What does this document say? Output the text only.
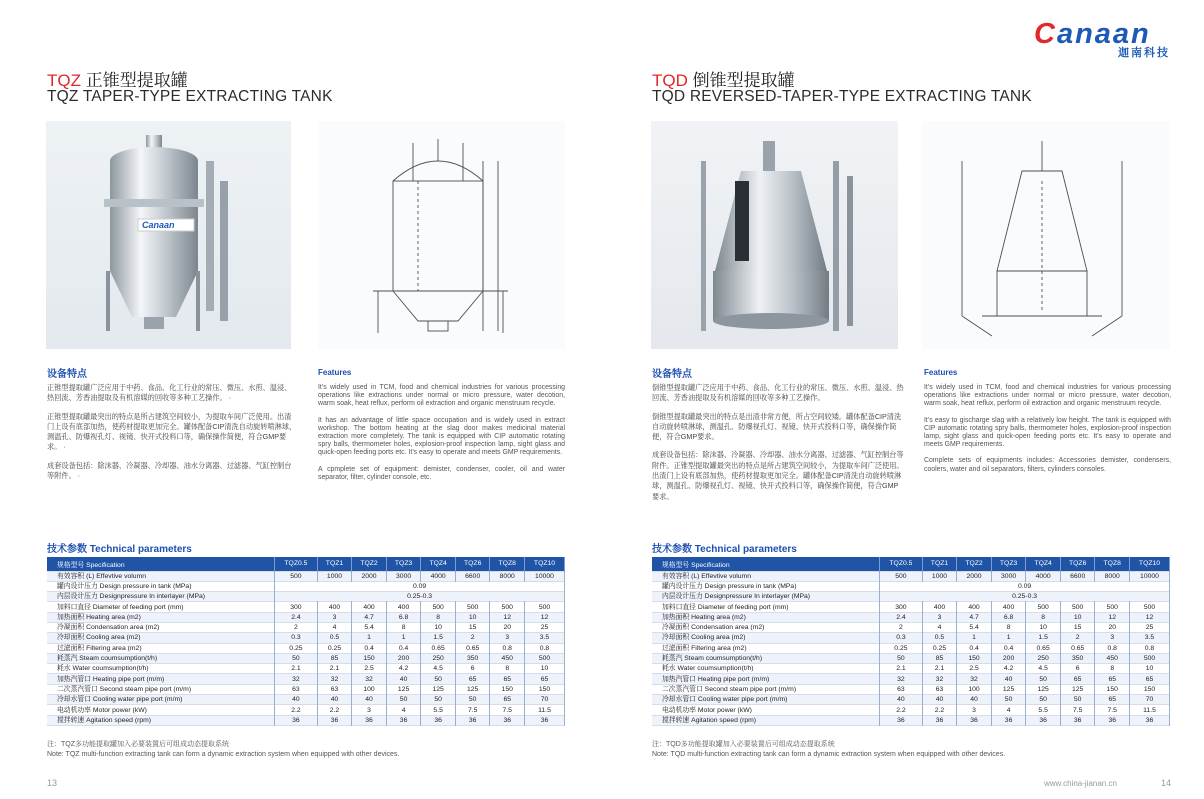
Canaan
迦南科技
TQZ 正锥型提取罐
TQZ TAPER-TYPE EXTRACTING TANK
Canaan
设备特点

正锥型提取罐广泛应用于中药、食品、化工行业的常压、微压、水煎、温浸、热回流、芳香油提取及有机溶媒的回收等多种工艺操作。 ·

正锥型提取罐最突出的特点是所占建筑空间较小，为提取车间广泛使用。出渣门上设有底部加热，使药材提取更加完全。罐体配备CIP清洗自动旋转喷淋球，测温孔、防爆视孔灯、视镜、快开式投料口等，确保操作简便，符合GMP要求。 ·

成套设备包括：除沫器、冷凝器、冷却器、油水分离器、过滤器、气缸控制台等附件。 ·

Features

It’s widely used in TCM, food and chemical industries for various processing operations like extractions under normal or micro pressure, water decotion, warm soak, heat reflux, perform oil extraction and organic menstruum recycle.

It has an advantage of little space occupation and is widely used in extract workshop. The bottom heating at the slag door makes medicinal material extraction more completely. The tank is equipped with CIP automatic rotating spry balls, thermometer holes, explosion-proof inspection lamp, sight glass and quick-open feeding ports etc. It’s easy to operate and meets GMP requirements.

A cpmplete set of equipment: demister, condenser, cooler, oil and water separator, filter, cylinder console, etc.

技术参数 Technical parameters
规格型号 Specification	TQZ0.5	TQZ1	TQZ2	TQZ3	TQZ4	TQZ6	TQZ8	TQZ10
有效容积 (L) Effevtive volumn	500	1000	2000	3000	4000	6600	8000	10000
罐内设计压力 Design pressure in tank (MPa)	0.09							
内层设计压力 Designpressure In interlayer (MPa)	0.25-0.3							
加料口直径 Diameter of feeding port (mm)	300	400	400	400	500	500	500	500
加热面积 Heating area (m2)	2.4	3	4.7	6.8	8	10	12	12
冷凝面积 Condensation area (m2)	2	4	5.4	8	10	15	20	25
冷却面积 Cooling area (m2)	0.3	0.5	1	1	1.5	2	3	3.5
过滤面积 Filtering area (m2)	0.25	0.25	0.4	0.4	0.65	0.65	0.8	0.8
耗蒸汽 Steam coumsumption(t/h)	50	85	150	200	250	350	450	500
耗水 Water coumsumption(t/h)	2.1	2.1	2.5	4.2	4.5	6	8	10
加热汽管口 Heating pipe port (m/m)	32	32	32	40	50	65	65	65
二次蒸汽管口 Second steam pipe port (m/m)	63	63	100	125	125	125	150	150
冷却水管口 Cooling water pipe port (m/m)	40	40	40	50	50	50	65	70
电动机功率 Motor power (kW)	2.2	2.2	3	4	5.5	7.5	7.5	11.5
搅拌转速 Agitation speed (rpm)	36	36	36	36	36	36	36	36
注：TQZ多功能提取罐加入必要装置后可组成动态提取系统
Note: TQZ multi-function extracting tank can form a dynamic extraction system when equipped with other devices.
13
TQD 倒锥型提取罐
TQD REVERSED-TAPER-TYPE EXTRACTING TANK
设备特点

倒锥型提取罐广泛应用于中药、食品、化工行业的常压、微压、水煎、温浸、热回流、芳香油提取及有机溶媒的回收等多种工艺操作。

倒锥型提取罐最突出的特点是出渣非常方便，所占空间较矮。罐体配备CIP清洗自动旋转喷淋球，测温孔、防爆视孔灯、视镜、快开式投料口等，确保操作简便，符合GMP要求。

成套设备包括：除沫器、冷凝器、冷却器、油水分离器、过滤器、气缸控制台等附件。正锥型提取罐最突出的特点是所占建筑空间较小，为提取车间广泛使用。出渣门上设有底部加热，使药材提取更加完全。罐体配备CIP清洗自动旋转喷淋球，测温孔、防爆视孔灯、视镜、快开式投料口等，确保操作简便，符合GMP要求。

Features

It’s widely used in TCM, food and chemical industries for various processing operations like extractions under normal or micro pressure, water decotion, warm soak, heat reflux, perform oil extraction and organic menstruum recycle.

It’s easy to gischarge slag with a relatively low height. The tank is equipped with CIP automatic rotating spry balls, thermometer holes, explosion-proof inspection lamp, sight glass and quick-open feeding ports etc. It’s easy to operate and meets GMP requirements.

Complete sets of equipments includes: Accessories demister, condensers, coolers, water and oil separators, filters, cylinders consoles.

技术参数 Technical parameters
规格型号 Specification	TQZ0.5	TQZ1	TQZ2	TQZ3	TQZ4	TQZ6	TQZ8	TQZ10
有效容积 (L) Effevtive volumn	500	1000	2000	3000	4000	6600	8000	10000
罐内设计压力 Design pressure in tank (MPa)	0.09							
内层设计压力 Designpressure In interlayer (MPa)	0.25-0.3							
加料口直径 Diameter of feeding port (mm)	300	400	400	400	500	500	500	500
加热面积 Heating area (m2)	2.4	3	4.7	6.8	8	10	12	12
冷凝面积 Condensation area (m2)	2	4	5.4	8	10	15	20	25
冷却面积 Cooling area (m2)	0.3	0.5	1	1	1.5	2	3	3.5
过滤面积 Filtering area (m2)	0.25	0.25	0.4	0.4	0.65	0.65	0.8	0.8
耗蒸汽 Steam coumsumption(t/h)	50	85	150	200	250	350	450	500
耗水 Water coumsumption(t/h)	2.1	2.1	2.5	4.2	4.5	6	8	10
加热汽管口 Heating pipe port (m/m)	32	32	32	40	50	65	65	65
二次蒸汽管口 Second steam pipe port (m/m)	63	63	100	125	125	125	150	150
冷却水管口 Cooling water pipe port (m/m)	40	40	40	50	50	50	65	70
电动机功率 Motor power (kW)	2.2	2.2	3	4	5.5	7.5	7.5	11.5
搅拌转速 Agitation speed (rpm)	36	36	36	36	36	36	36	36
注：TQD多功能提取罐加入必要装置后可组成动态提取系统
Note: TQD multi-function extracting tank can form a dynamic extraction system when equipped with other devices.
www.china-jianan.cn	14
